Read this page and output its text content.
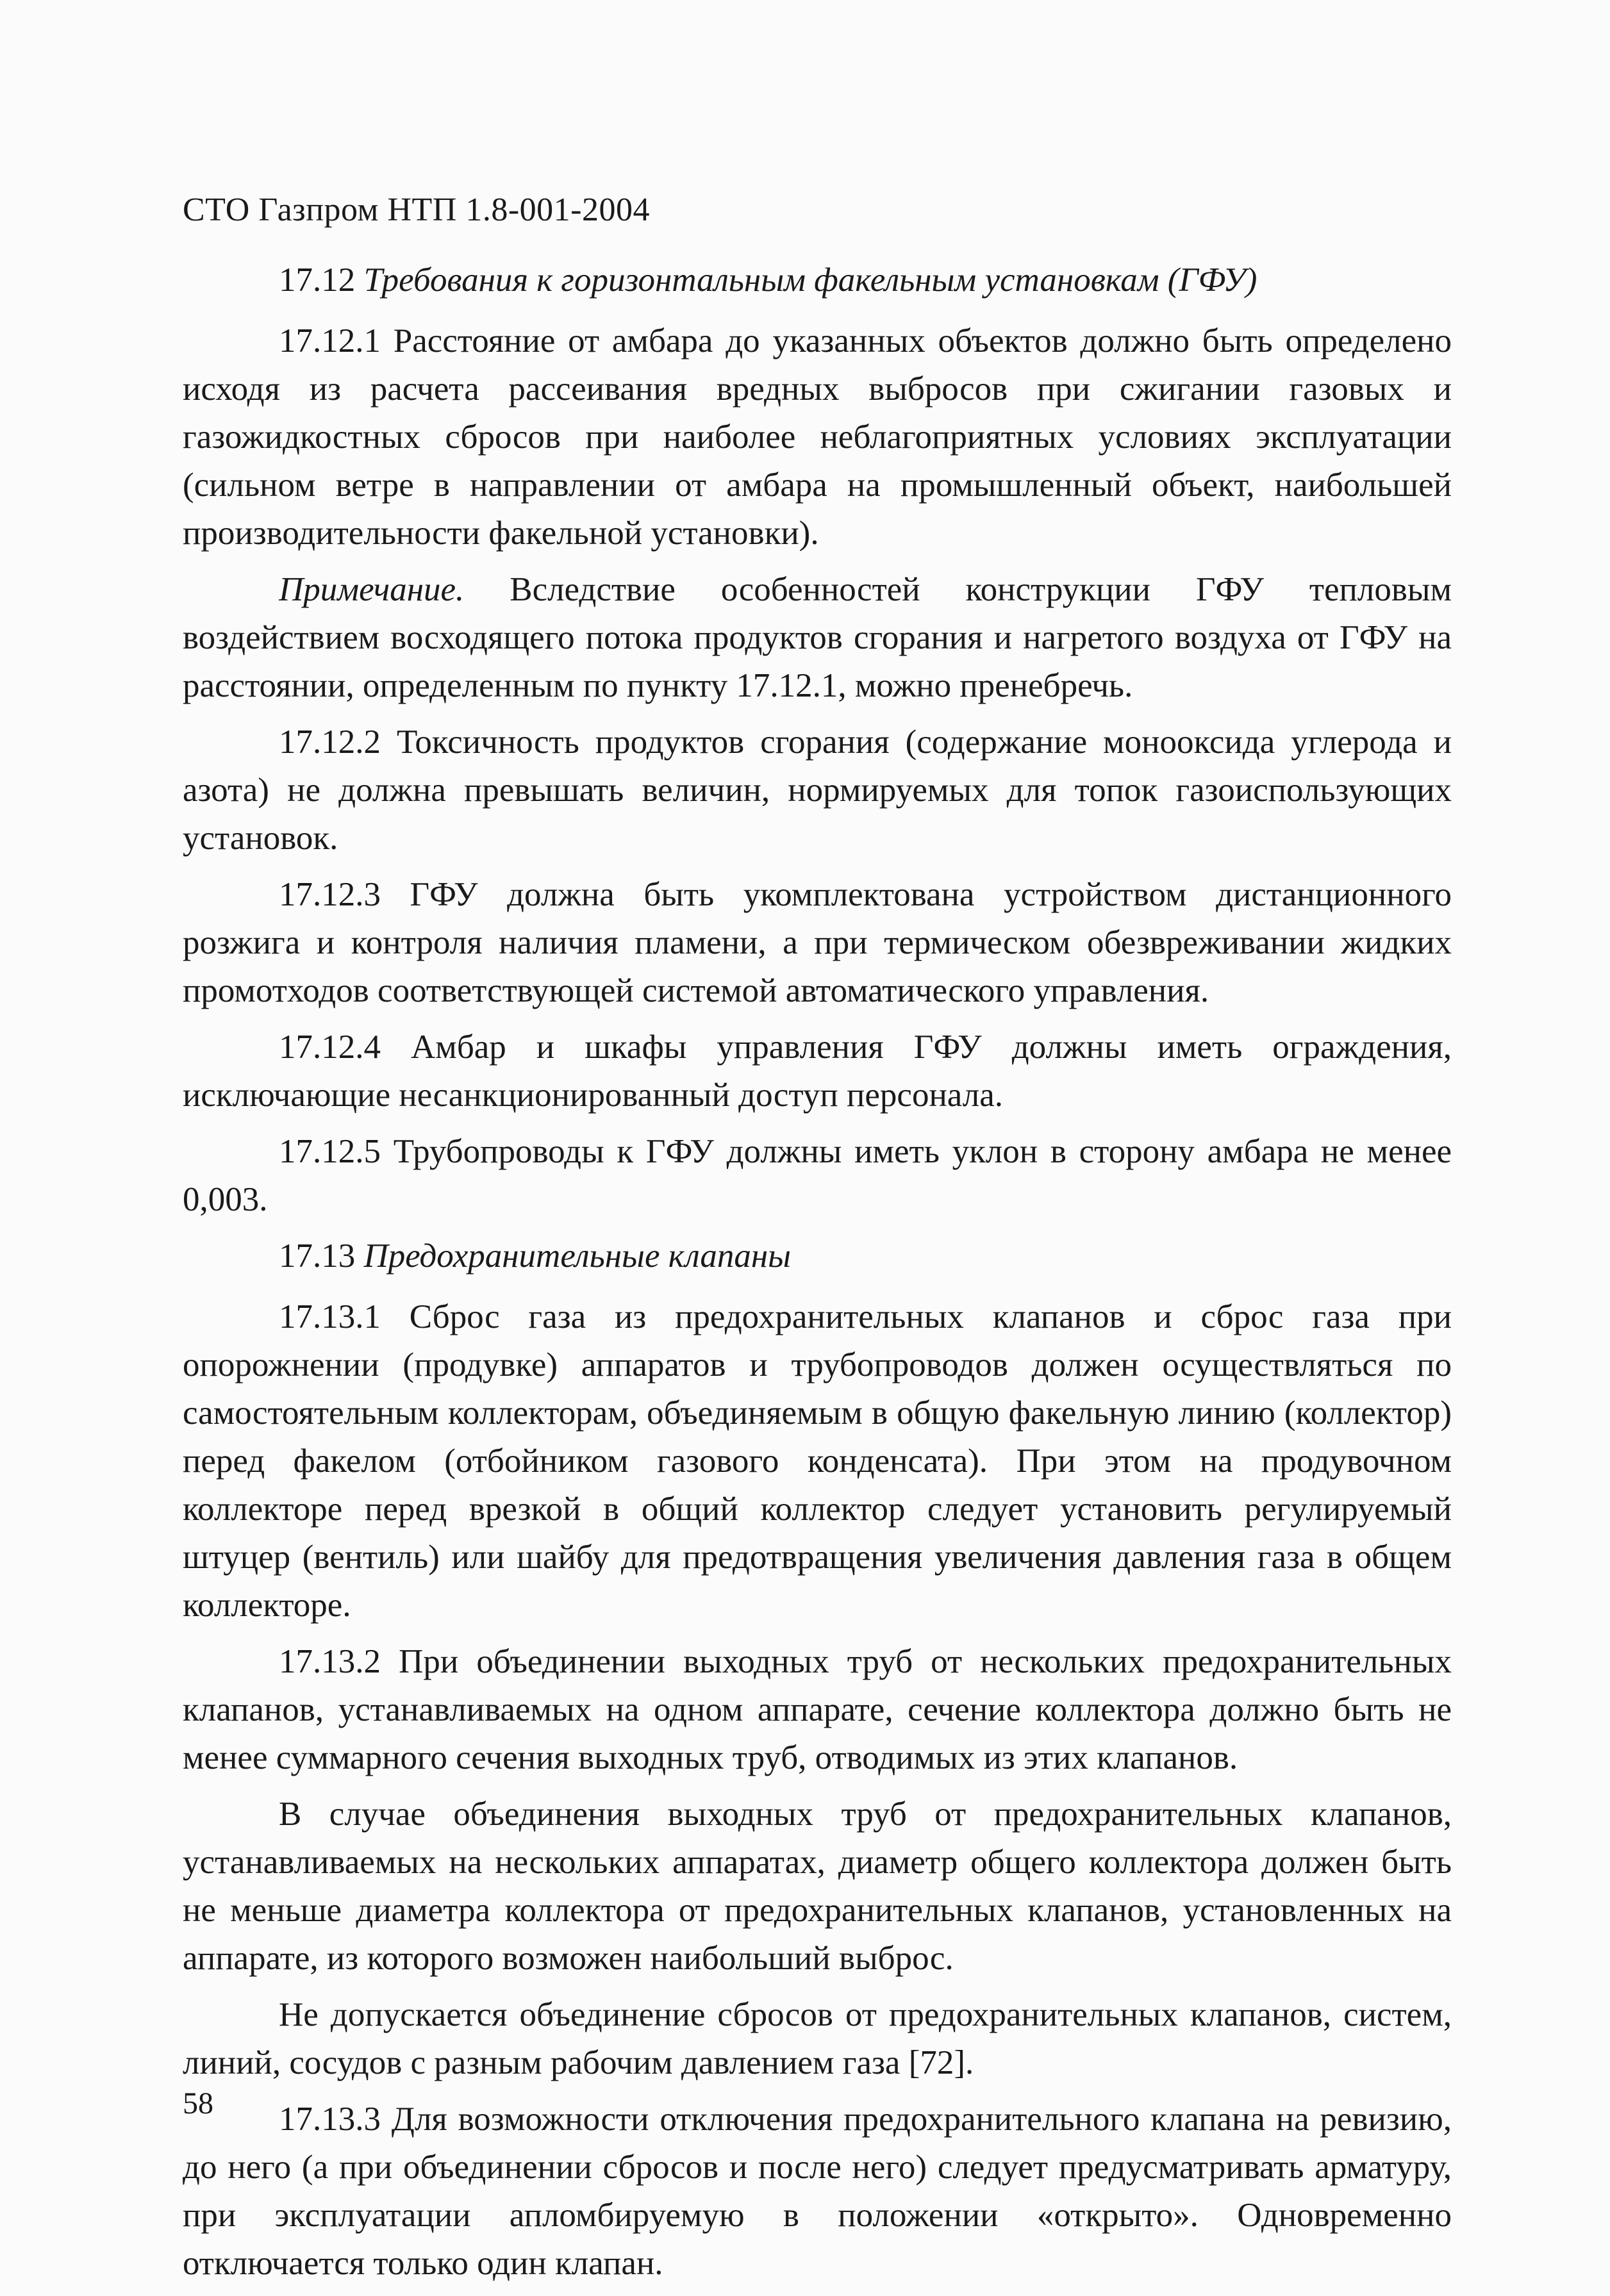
СТО Газпром НТП 1.8-001-2004

17.12 Требования к горизонтальным факельным установкам (ГФУ)

17.12.1 Расстояние от амбара до указанных объектов должно быть определено исходя из расчета рассеивания вредных выбросов при сжигании газовых и газожидкостных сбросов при наиболее неблагоприятных условиях эксплуатации (сильном ветре в направлении от амбара на промышленный объект, наибольшей производительности факельной установки).

Примечание. Вследствие особенностей конструкции ГФУ тепловым воздействием восходящего потока продуктов сгорания и нагретого воздуха от ГФУ на расстоянии, определенным по пункту 17.12.1, можно пренебречь.

17.12.2 Токсичность продуктов сгорания (содержание монооксида углерода и азота) не должна превышать величин, нормируемых для топок газоиспользующих установок.

17.12.3 ГФУ должна быть укомплектована устройством дистанционного розжига и контроля наличия пламени, а при термическом обезвреживании жидких промотходов соответствующей системой автоматического управления.

17.12.4 Амбар и шкафы управления ГФУ должны иметь ограждения, исключающие несанкционированный доступ персонала.

17.12.5 Трубопроводы к ГФУ должны иметь уклон в сторону амбара не менее 0,003.

17.13 Предохранительные клапаны

17.13.1 Сброс газа из предохранительных клапанов и сброс газа при опорожнении (продувке) аппаратов и трубопроводов должен осуществляться по самостоятельным коллекторам, объединяемым в общую факельную линию (коллектор) перед факелом (отбойником газового конденсата). При этом на продувочном коллекторе перед врезкой в общий коллектор следует установить регулируемый штуцер (вентиль) или шайбу для предотвращения увеличения давления газа в общем коллекторе.

17.13.2 При объединении выходных труб от нескольких предохранительных клапанов, устанавливаемых на одном аппарате, сечение коллектора должно быть не менее суммарного сечения выходных труб, отводимых из этих клапанов.

В случае объединения выходных труб от предохранительных клапанов, устанавливаемых на нескольких аппаратах, диаметр общего коллектора должен быть не меньше диаметра коллектора от предохранительных клапанов, установленных на аппарате, из которого возможен наибольший выброс.

Не допускается объединение сбросов от предохранительных клапанов, систем, линий, сосудов с разным рабочим давлением газа [72].

17.13.3 Для возможности отключения предохранительного клапана на ревизию, до него (а при объединении сбросов и после него) следует предусматривать арматуру, при эксплуатации апломбируемую в положении «открыто». Одновременно отключается только один клапан.

58
